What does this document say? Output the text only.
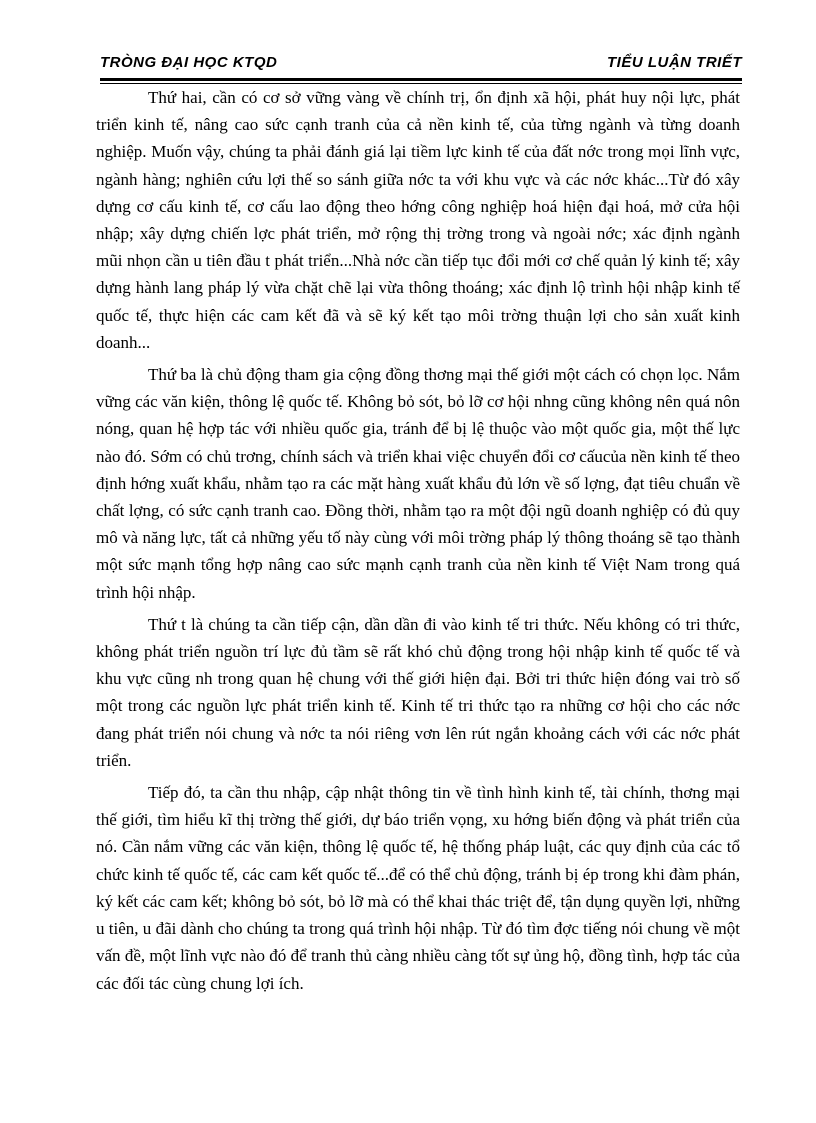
TRÒNG ĐẠI HỌC KTQD	TIỂU LUẬN TRIẾT

Thứ hai, cần có cơ sở vững vàng về chính trị, ổn định xã hội, phát huy nội lực, phát triển kinh tế, nâng cao sức cạnh tranh của cả nền kinh tế, của từng ngành và từng doanh nghiệp. Muốn vậy, chúng ta phải đánh giá lại tiềm lực kinh tế của đất nớc trong mọi lĩnh vực, ngành hàng; nghiên cứu lợi thế so sánh giữa nớc ta với khu vực và các nớc khác...Từ đó xây dựng cơ cấu kinh tế, cơ cấu lao động theo hớng công nghiệp hoá hiện đại hoá, mở cửa hội nhập; xây dựng chiến lợc phát triển, mở rộng thị trờng trong và ngoài nớc; xác định ngành mũi nhọn cần u tiên đầu t phát triển...Nhà nớc cần tiếp tục đổi mới cơ chế quản lý kinh tế; xây dựng hành lang pháp lý vừa chặt chẽ lại vừa thông thoáng; xác định lộ trình hội nhập kinh tế quốc tế, thực hiện các cam kết đã và sẽ ký kết tạo môi trờng thuận lợi cho sản xuất kinh doanh...

Thứ ba là chủ động tham gia cộng đồng thơng mại thế giới một cách có chọn lọc. Nắm vững các văn kiện, thông lệ quốc tế. Không bỏ sót, bỏ lỡ cơ hội nhng cũng không nên quá nôn nóng, quan hệ hợp tác với nhiều quốc gia, tránh để bị lệ thuộc vào một quốc gia, một thế lực nào đó. Sớm có chủ trơng, chính sách và triển khai việc chuyển đổi cơ cấucủa nền kinh tế theo định hớng xuất khẩu, nhằm tạo ra các mặt hàng xuất khẩu đủ lớn về số lợng, đạt tiêu chuẩn về chất lợng, có sức cạnh tranh cao. Đồng thời, nhằm tạo ra một đội ngũ doanh nghiệp có đủ quy mô và năng lực, tất cả những yếu tố này cùng với môi trờng pháp lý thông thoáng sẽ tạo thành một sức mạnh tổng hợp nâng cao sức mạnh cạnh tranh của nền kinh tế Việt Nam trong quá trình hội nhập.

Thứ t là chúng ta cần tiếp cận, dần dần đi vào kinh tế tri thức. Nếu không có tri thức, không phát triển nguồn trí lực đủ tầm sẽ rất khó chủ động trong hội nhập kinh tế quốc tế và khu vực cũng nh trong quan hệ chung với thế giới hiện đại. Bởi tri thức hiện đóng vai trò số một trong các nguồn lực phát triển kinh tế. Kinh tế tri thức tạo ra những cơ hội cho các nớc đang phát triển nói chung và nớc ta nói riêng vơn lên rút ngắn khoảng cách với các nớc phát triển.

Tiếp đó, ta cần thu nhập, cập nhật thông tin về tình hình kinh tế, tài chính, thơng mại thế giới, tìm hiểu kĩ thị trờng thế giới, dự báo triển vọng, xu hớng biến động và phát triển của nó. Cần nắm vững các văn kiện, thông lệ quốc tế, hệ thống pháp luật, các quy định của các tổ chức kinh tế quốc tế, các cam kết quốc tế...để có thể chủ động, tránh bị ép trong khi đàm phán, ký kết các cam kết; không bỏ sót, bỏ lỡ mà có thể khai thác triệt để, tận dụng quyền lợi, những u tiên, u đãi dành cho chúng ta trong quá trình hội nhập. Từ đó tìm đợc tiếng nói chung về một vấn đề, một lĩnh vực nào đó để tranh thủ càng nhiều càng tốt sự ủng hộ, đồng tình, hợp tác của các đối tác cùng chung lợi ích.
